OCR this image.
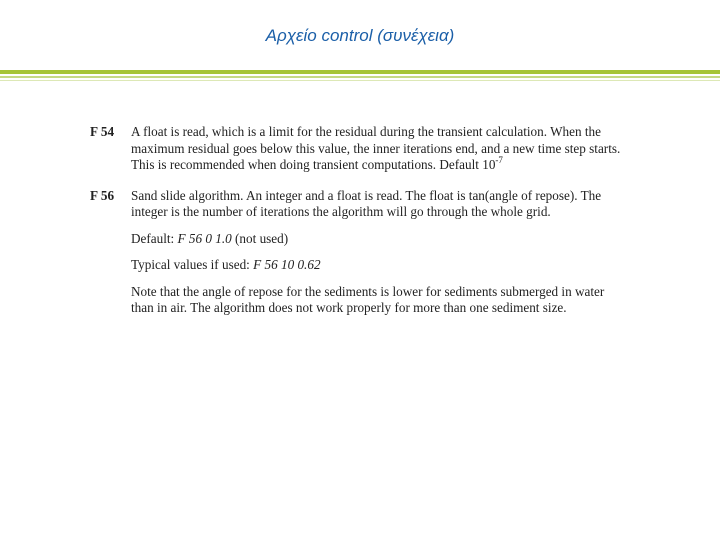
Αρχείο control (συνέχεια)
F 54	A float is read, which is a limit for the residual during the transient calculation. When the maximum residual goes below this value, the inner iterations end, and a new time step starts. This is recommended when doing transient computations. Default $10^{-7}$

F 56	Sand slide algorithm. An integer and a float is read. The float is tan(angle of repose). The integer is the number of iterations the algorithm will go through the whole grid.

Default: F 56 0 1.0 (not used)

Typical values if used: F 56 10 0.62

Note that the angle of repose for the sediments is lower for sediments submerged in water than in air. The algorithm does not work properly for more than one sediment size.
